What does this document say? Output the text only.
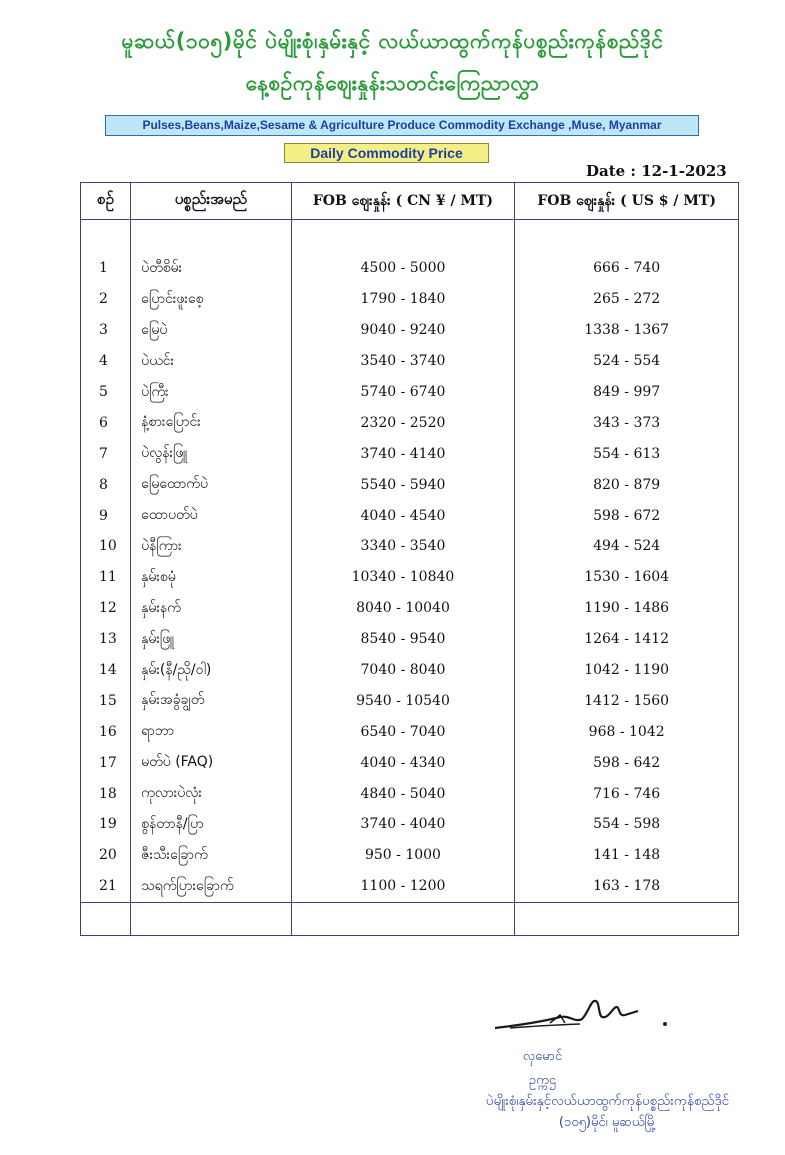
မူဆယ်(၁၀၅)မိုင် ပဲမျိုးစုံ၊နှမ်းနှင့် လယ်ယာထွက်ကုန်ပစ္စည်းကုန်စည်ဒိုင်
နေ့စဉ်ကုန်ဈေးနှုန်းသတင်းကြေညာလွှာ
Pulses,Beans,Maize,Sesame & Agriculture Produce Commodity Exchange ,Muse, Myanmar
Daily Commodity Price
Date : 12-1-2023
စဉ်	ပစ္စည်းအမည်	FOB ဈေးနှုန်း ( CN ¥ / MT)	FOB ဈေးနှုန်း ( US $ / MT)

1	ပဲတီစိမ်း	4500 - 5000	666 - 740
2	ပြောင်းဖူးစေ့	1790 - 1840	265 - 272
3	မြေပဲ	9040 - 9240	1338 - 1367
4	ပဲယင်း	3540 - 3740	524 - 554
5	ပဲကြီး	5740 - 6740	849 - 997
6	နံ့စားပြောင်း	2320 - 2520	343 - 373
7	ပဲလွန်းဖြူ	3740 - 4140	554 - 613
8	မြေထောက်ပဲ	5540 - 5940	820 - 879
9	ထောပတ်ပဲ	4040 - 4540	598 - 672
10	ပဲနီကြား	3340 - 3540	494 - 524
11	နှမ်းစမုံ	10340 - 10840	1530 - 1604
12	နှမ်းနက်	8040 - 10040	1190 - 1486
13	နှမ်းဖြူ	8540 - 9540	1264 - 1412
14	နှမ်း(နီ/ညို/ဝါ)	7040 - 8040	1042 - 1190
15	နှမ်းအခွံချွတ်	9540 - 10540	1412 - 1560
16	ရာဘာ	6540 - 7040	968 - 1042
17	မတ်ပဲ (FAQ)	4040 - 4340	598 - 642
18	ကုလားပဲလုံး	4840 - 5040	716 - 746
19	စွန်တာနီ/ပြာ	3740 - 4040	554 - 598
20	ဇီးသီးခြောက်	950 - 1000	141 - 148
21	သရက်ပြားခြောက်	1100 - 1200	163 - 178

လှမောင်
ဥက္ကဌ
ပဲမျိုးစုံ၊နှမ်းနှင့်လယ်ယာထွက်ကုန်ပစ္စည်းကုန်စည်ဒိုင်
(၁၀၅)မိုင်၊ မူဆယ်မြို့
